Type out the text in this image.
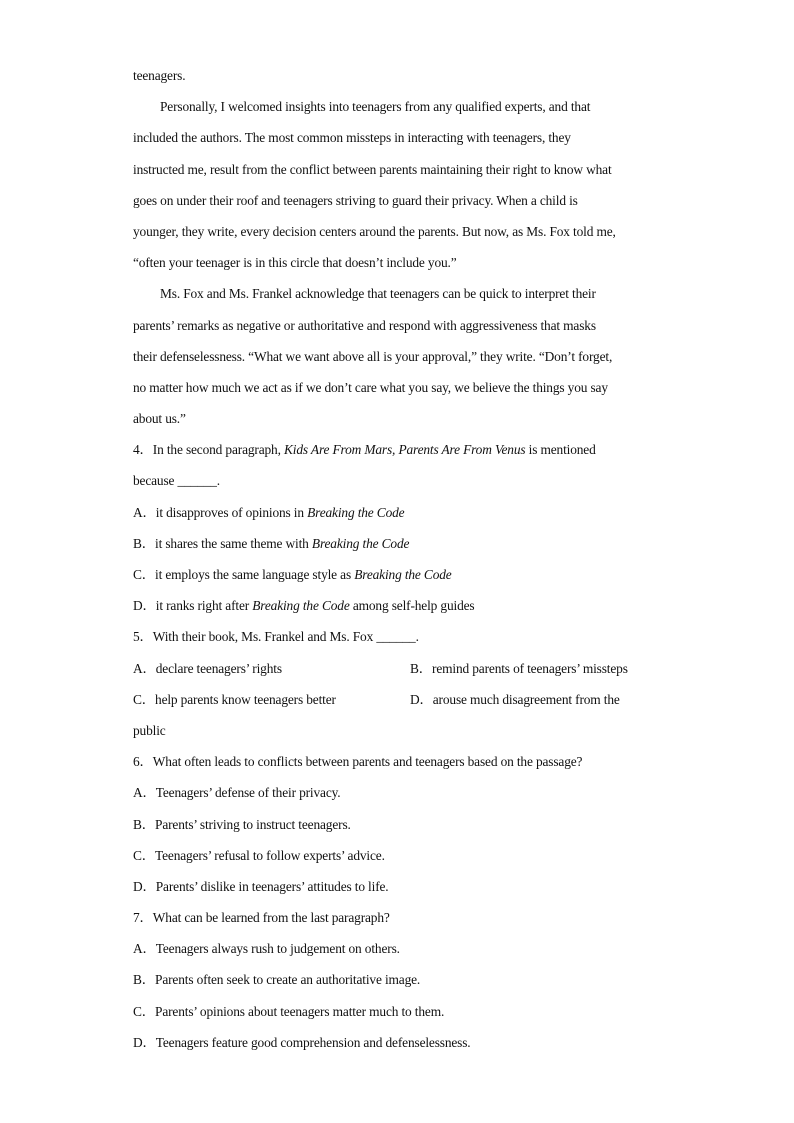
teenagers.
Personally, I welcomed insights into teenagers from any qualified experts, and that
included the authors. The most common missteps in interacting with teenagers, they
instructed me, result from the conflict between parents maintaining their right to know what
goes on under their roof and teenagers striving to guard their privacy. When a child is
younger, they write, every decision centers around the parents. But now, as Ms. Fox told me,
“often your teenager is in this circle that doesn’t include you.”
Ms. Fox and Ms. Frankel acknowledge that teenagers can be quick to interpret their
parents’ remarks as negative or authoritative and respond with aggressiveness that masks
their defenselessness. “What we want above all is your approval,” they write. “Don’t forget,
no matter how much we act as if we don’t care what you say, we believe the things you say
about us.”
4．In the second paragraph, Kids Are From Mars, Parents Are From Venus is mentioned
because ______.
A．it disapproves of opinions in Breaking the Code
B．it shares the same theme with Breaking the Code
C．it employs the same language style as Breaking the Code
D．it ranks right after Breaking the Code among self-help guides
5．With their book, Ms. Frankel and Ms. Fox ______.
A．declare teenagers’ rights	B．remind parents of teenagers’ missteps
C．help parents know teenagers better	D．arouse much disagreement from the
public
6．What often leads to conflicts between parents and teenagers based on the passage?
A．Teenagers’ defense of their privacy.
B．Parents’ striving to instruct teenagers.
C．Teenagers’ refusal to follow experts’ advice.
D．Parents’ dislike in teenagers’ attitudes to life.
7．What can be learned from the last paragraph?
A．Teenagers always rush to judgement on others.
B．Parents often seek to create an authoritative image.
C．Parents’ opinions about teenagers matter much to them.
D．Teenagers feature good comprehension and defenselessness.
